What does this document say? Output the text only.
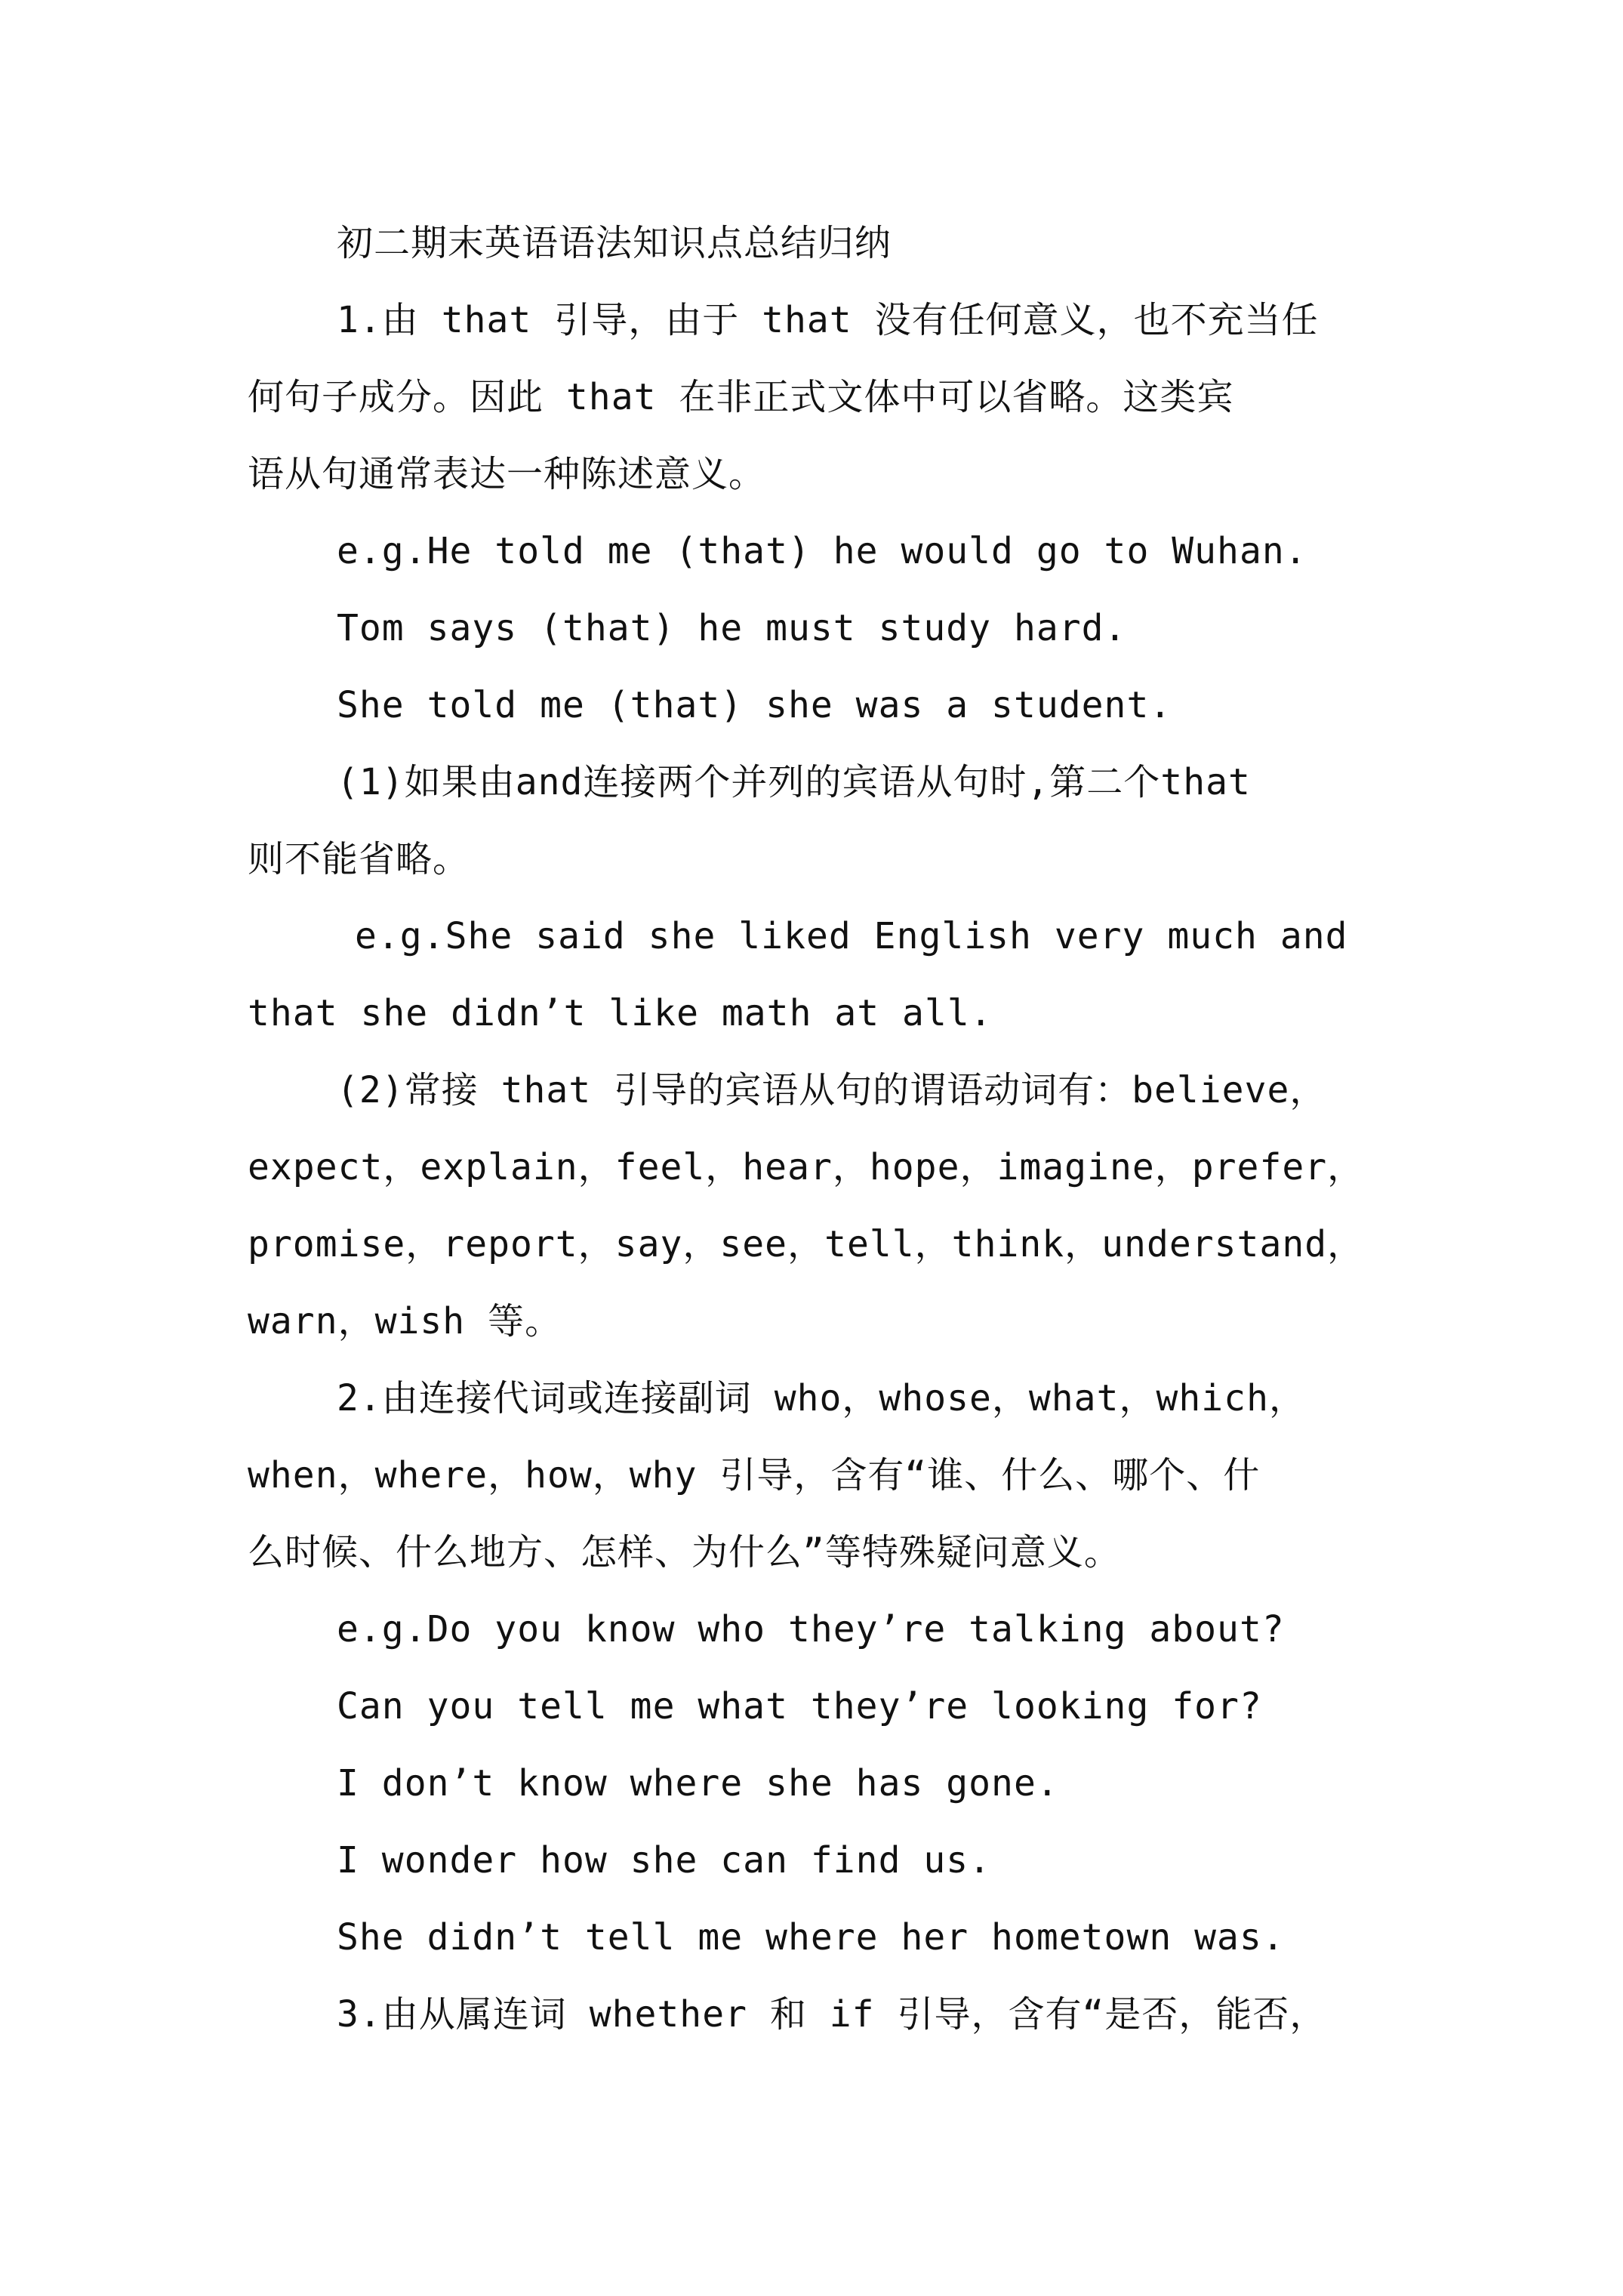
初二期末英语语法知识点总结归纳
1.由 that 引导，由于 that 没有任何意义，也不充当任
何句子成分。因此 that 在非正式文体中可以省略。这类宾
语从句通常表达一种陈述意义。
e.g.He told me (that) he would go to Wuhan.
Tom says (that) he must study hard.
She told me (that) she was a student.
(1)如果由and连接两个并列的宾语从句时,第二个that
则不能省略。
e.g.She said she liked English very much and
that she didn’t like math at all.
(2)常接 that 引导的宾语从句的谓语动词有：believe，
expect，explain，feel，hear，hope，imagine，prefer，
promise，report，say，see，tell，think，understand，
warn，wish 等。
2.由连接代词或连接副词 who，whose，what，which，
when，where，how，why 引导，含有“谁、什么、哪个、什
么时候、什么地方、怎样、为什么”等特殊疑问意义。
e.g.Do you know who they’re talking about?
Can you tell me what they’re looking for?
I don’t know where she has gone.
I wonder how she can find us.
She didn’t tell me where her hometown was.
3.由从属连词 whether 和 if 引导，含有“是否，能否，
